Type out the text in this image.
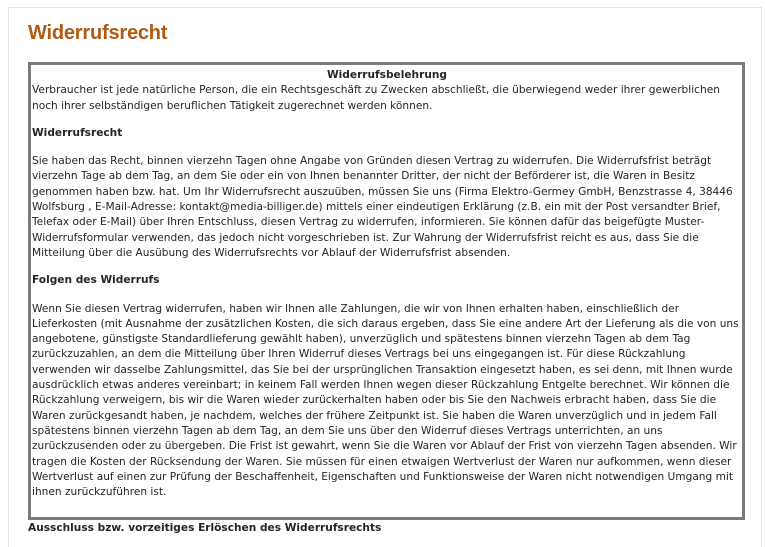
Widerrufsrecht

Widerrufsbelehrung

Verbraucher ist jede natürliche Person, die ein Rechtsgeschäft zu Zwecken abschließt, die überwiegend weder ihrer gewerblichen noch ihrer selbständigen beruflichen Tätigkeit zugerechnet werden können.

Widerrufsrecht

Sie haben das Recht, binnen vierzehn Tagen ohne Angabe von Gründen diesen Vertrag zu widerrufen. Die Widerrufsfrist beträgt vierzehn Tage ab dem Tag, an dem Sie oder ein von Ihnen benannter Dritter, der nicht der Beförderer ist, die Waren in Besitz genommen haben bzw. hat. Um Ihr Widerrufsrecht auszuüben, müssen Sie uns (Firma Elektro-Germey GmbH, Benzstrasse 4, 38446 Wolfsburg , E-Mail-Adresse: kontakt@media-billiger.de) mittels einer eindeutigen Erklärung (z.B. ein mit der Post versandter Brief, Telefax oder E-Mail) über Ihren Entschluss, diesen Vertrag zu widerrufen, informieren. Sie können dafür das beigefügte Muster-Widerrufsformular verwenden, das jedoch nicht vorgeschrieben ist. Zur Wahrung der Widerrufsfrist reicht es aus, dass Sie die Mitteilung über die Ausübung des Widerrufsrechts vor Ablauf der Widerrufsfrist absenden.

Folgen des Widerrufs

Wenn Sie diesen Vertrag widerrufen, haben wir Ihnen alle Zahlungen, die wir von Ihnen erhalten haben, einschließlich der Lieferkosten (mit Ausnahme der zusätzlichen Kosten, die sich daraus ergeben, dass Sie eine andere Art der Lieferung als die von uns angebotene, günstigste Standardlieferung gewählt haben), unverzüglich und spätestens binnen vierzehn Tagen ab dem Tag zurückzuzahlen, an dem die Mitteilung über Ihren Widerruf dieses Vertrags bei uns eingegangen ist. Für diese Rückzahlung verwenden wir dasselbe Zahlungsmittel, das Sie bei der ursprünglichen Transaktion eingesetzt haben, es sei denn, mit Ihnen wurde ausdrücklich etwas anderes vereinbart; in keinem Fall werden Ihnen wegen dieser Rückzahlung Entgelte berechnet. Wir können die Rückzahlung verweigern, bis wir die Waren wieder zurückerhalten haben oder bis Sie den Nachweis erbracht haben, dass Sie die Waren zurückgesandt haben, je nachdem, welches der frühere Zeitpunkt ist. Sie haben die Waren unverzüglich und in jedem Fall spätestens binnen vierzehn Tagen ab dem Tag, an dem Sie uns über den Widerruf dieses Vertrags unterrichten, an uns zurückzusenden oder zu übergeben. Die Frist ist gewahrt, wenn Sie die Waren vor Ablauf der Frist von vierzehn Tagen absenden. Wir tragen die Kosten der Rücksendung der Waren. Sie müssen für einen etwaigen Wertverlust der Waren nur aufkommen, wenn dieser Wertverlust auf einen zur Prüfung der Beschaffenheit, Eigenschaften und Funktionsweise der Waren nicht notwendigen Umgang mit ihnen zurückzuführen ist.

Ausschluss bzw. vorzeitiges Erlöschen des Widerrufsrechts
